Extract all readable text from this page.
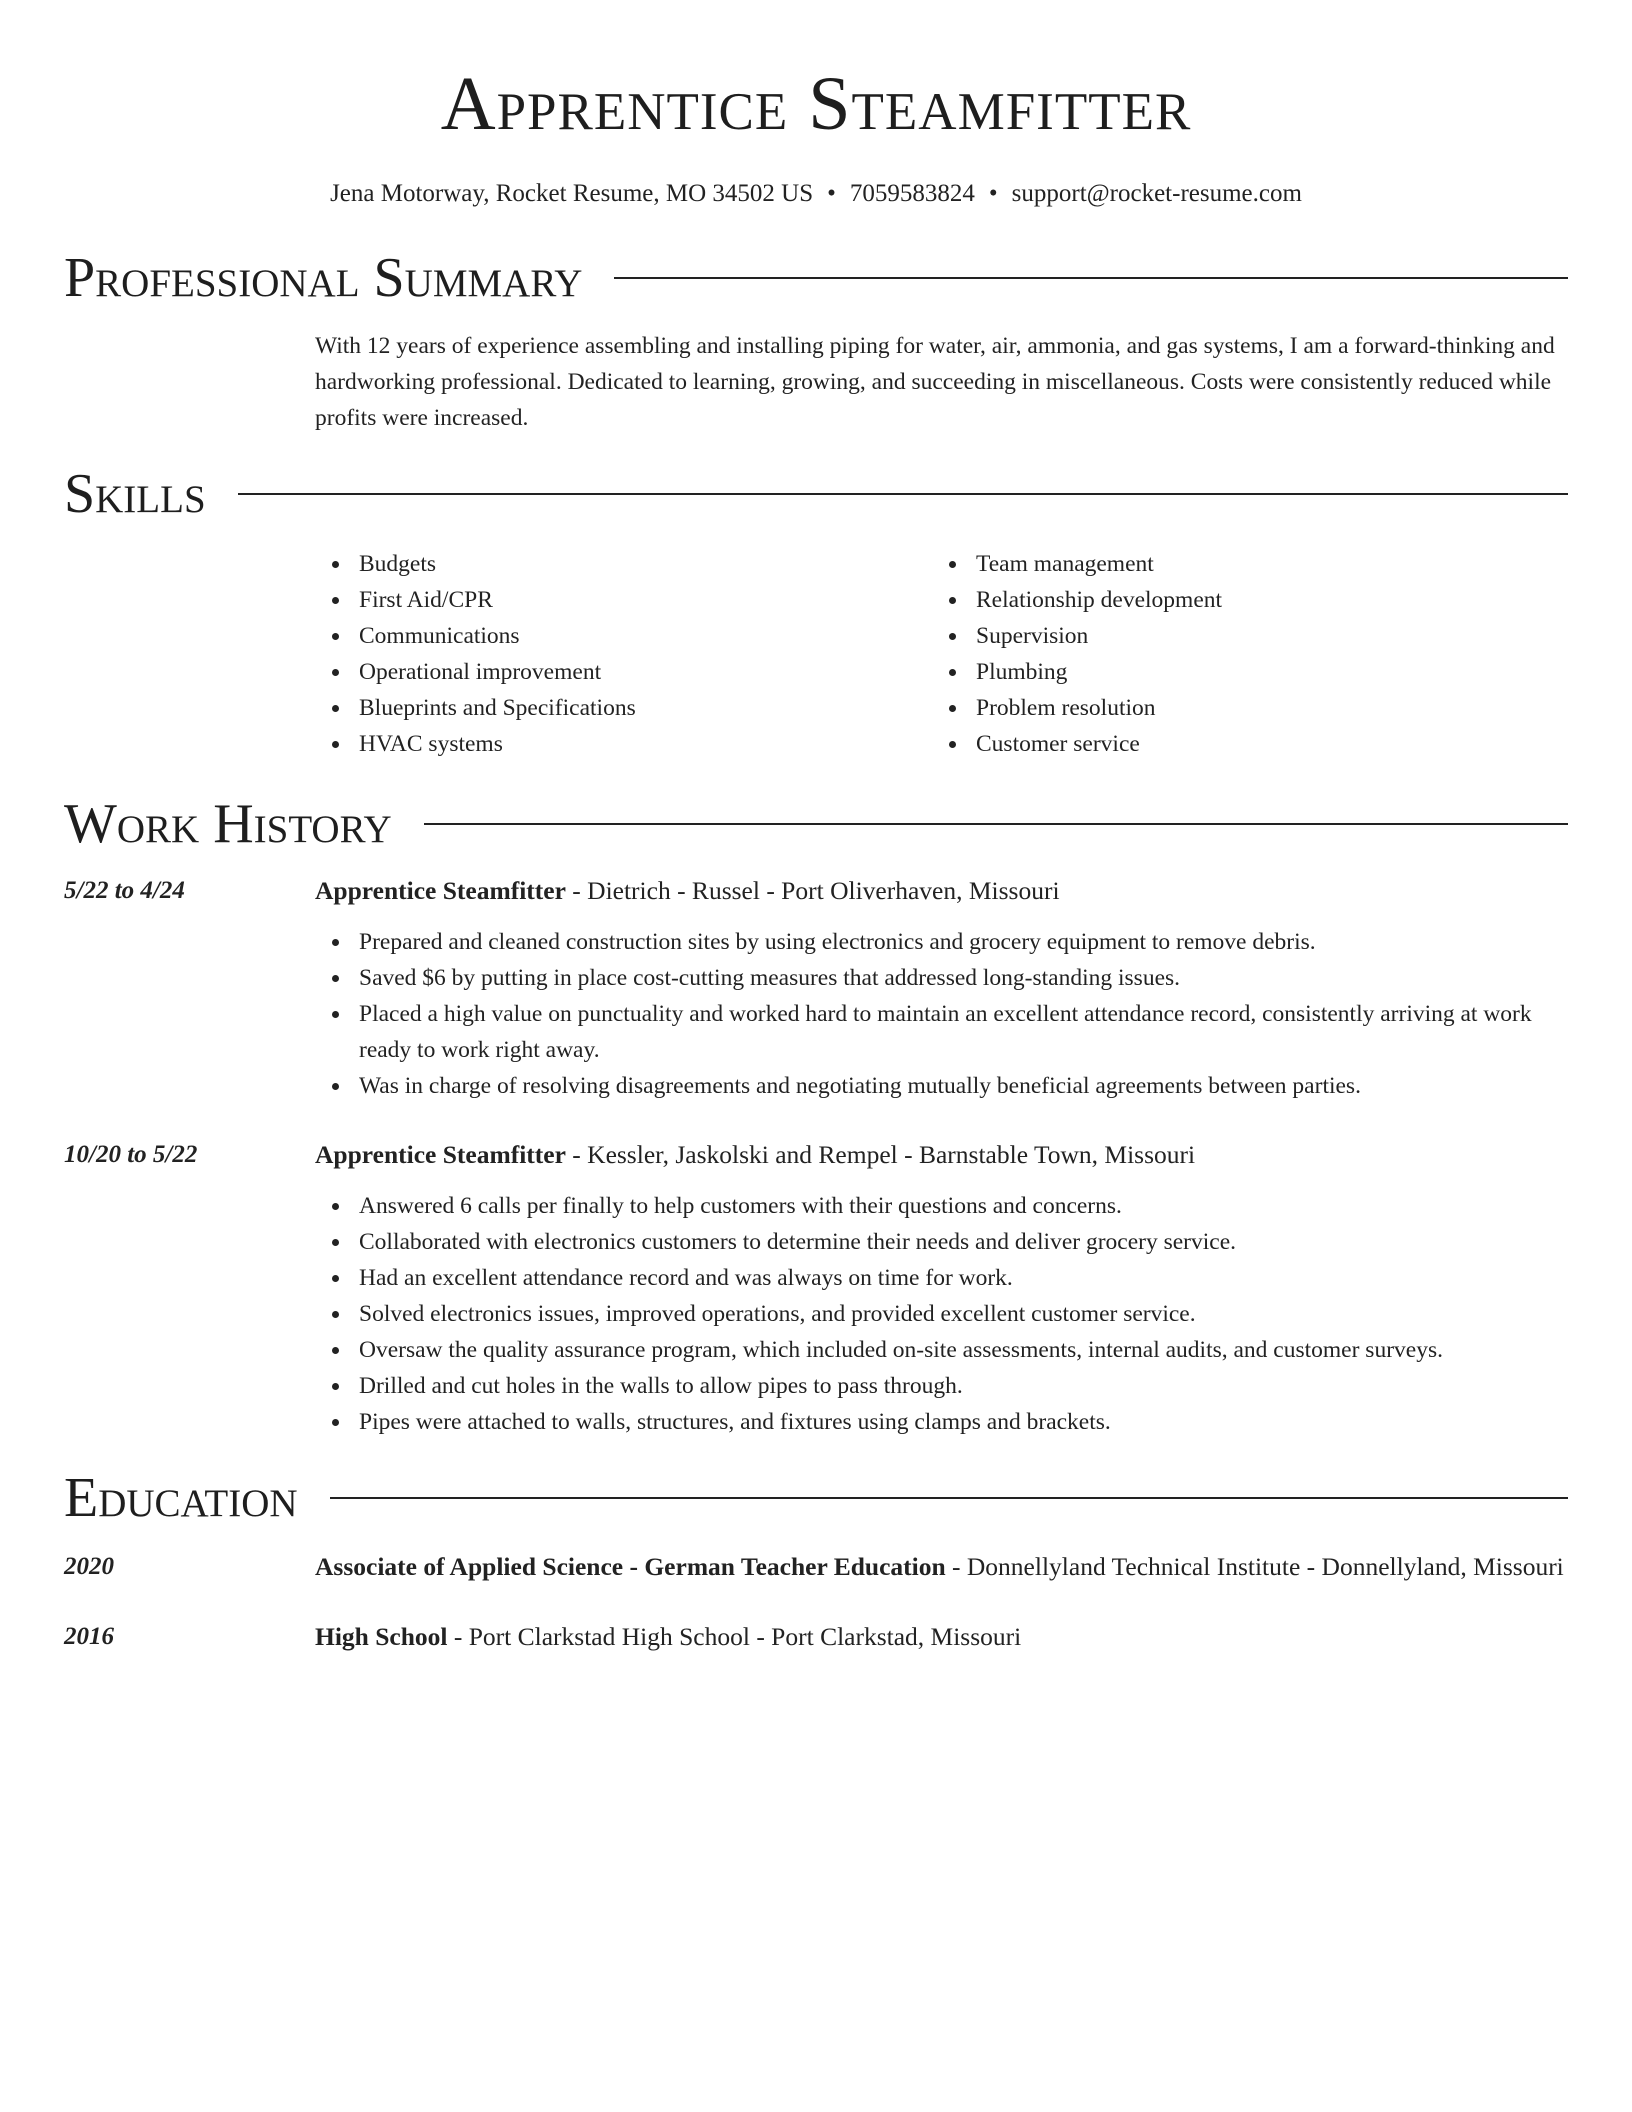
Apprentice Steamfitter
Jena Motorway, Rocket Resume, MO 34502 US • 7059583824 • support@rocket-resume.com
Professional Summary
With 12 years of experience assembling and installing piping for water, air, ammonia, and gas systems, I am a forward-thinking and hardworking professional. Dedicated to learning, growing, and succeeding in miscellaneous. Costs were consistently reduced while profits were increased.
Skills
Budgets
First Aid/CPR
Communications
Operational improvement
Blueprints and Specifications
HVAC systems
Team management
Relationship development
Supervision
Plumbing
Problem resolution
Customer service
Work History
5/22 to 4/24	Apprentice Steamfitter - Dietrich - Russel - Port Oliverhaven, Missouri
Prepared and cleaned construction sites by using electronics and grocery equipment to remove debris.
Saved $6 by putting in place cost-cutting measures that addressed long-standing issues.
Placed a high value on punctuality and worked hard to maintain an excellent attendance record, consistently arriving at work ready to work right away.
Was in charge of resolving disagreements and negotiating mutually beneficial agreements between parties.
10/20 to 5/22	Apprentice Steamfitter - Kessler, Jaskolski and Rempel - Barnstable Town, Missouri
Answered 6 calls per finally to help customers with their questions and concerns.
Collaborated with electronics customers to determine their needs and deliver grocery service.
Had an excellent attendance record and was always on time for work.
Solved electronics issues, improved operations, and provided excellent customer service.
Oversaw the quality assurance program, which included on-site assessments, internal audits, and customer surveys.
Drilled and cut holes in the walls to allow pipes to pass through.
Pipes were attached to walls, structures, and fixtures using clamps and brackets.
Education
2020	Associate of Applied Science - German Teacher Education - Donnellyland Technical Institute - Donnellyland, Missouri
2016	High School - Port Clarkstad High School - Port Clarkstad, Missouri
